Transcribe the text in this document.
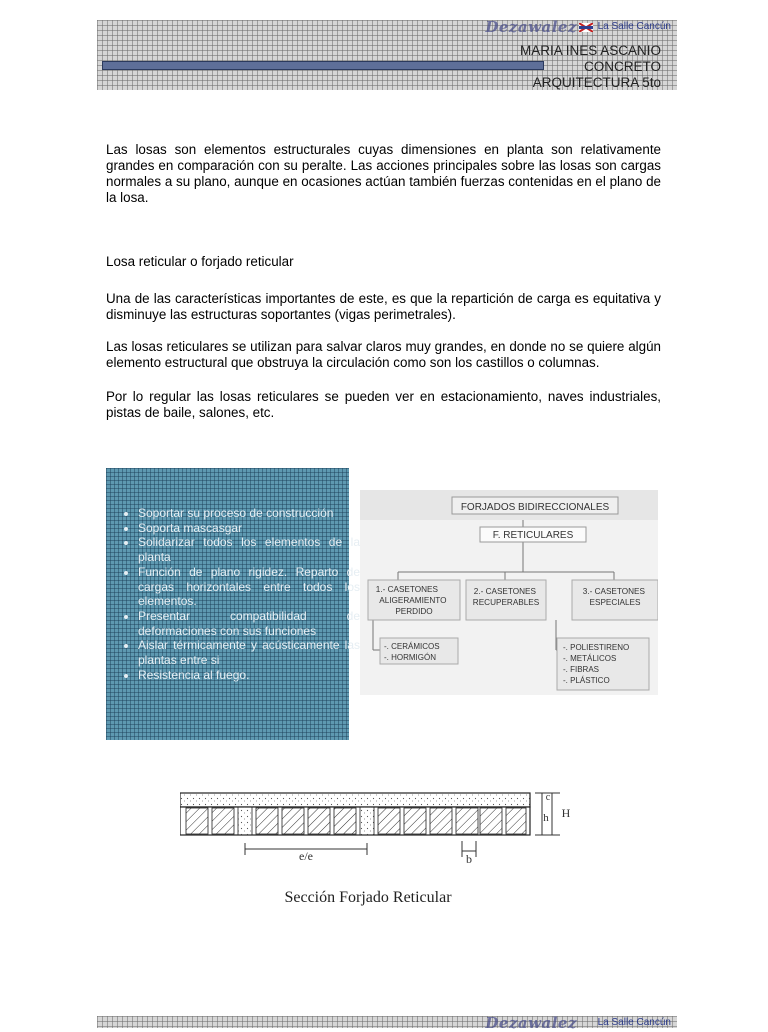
Dezawalez La Salle Cancún
MARIA INES ASCANIO
CONCRETO
ARQUITECTURA 5to

Las losas son elementos estructurales cuyas dimensiones en planta son relativamente grandes en comparación con su peralte. Las acciones principales sobre las losas son cargas normales a su plano, aunque en ocasiones actúan también fuerzas contenidas en el plano de la losa.

Losa reticular o forjado reticular

Una de las características importantes de este, es que la repartición de carga es equitativa y disminuye las estructuras soportantes (vigas perimetrales).

Las losas reticulares se utilizan para salvar claros muy grandes, en donde no se quiere algún elemento estructural que obstruya la circulación como son los castillos o columnas.

Por lo regular las losas reticulares se pueden ver en estacionamiento, naves industriales, pistas de baile, salones, etc.

• Soportar su proceso de construcción
• Soporta mascasgar
• Solidarizar todos los elementos de la planta
• Función de plano rigidez. Reparto de cargas horizontales entre todos los elementos.
• Presentar compatibilidad de deformaciones con sus funciones
• Aislar térmicamente y acústicamente las plantas entre si
• Resistencia al fuego.
FORJADOS BIDIRECCIONALES
F. RETICULARES
1.- CASETONES ALIGERAMIENTO PERDIDO
2.- CASETONES RECUPERABLES
3.- CASETONES ESPECIALES
-. CERÁMICOS -. HORMIGÓN
-. POLIESTIRENO -. METÁLICOS -. FIBRAS -. PLÁSTICO
e/e	b
c
h H
Sección Forjado Reticular
Dezawalez La Salle Cancún
